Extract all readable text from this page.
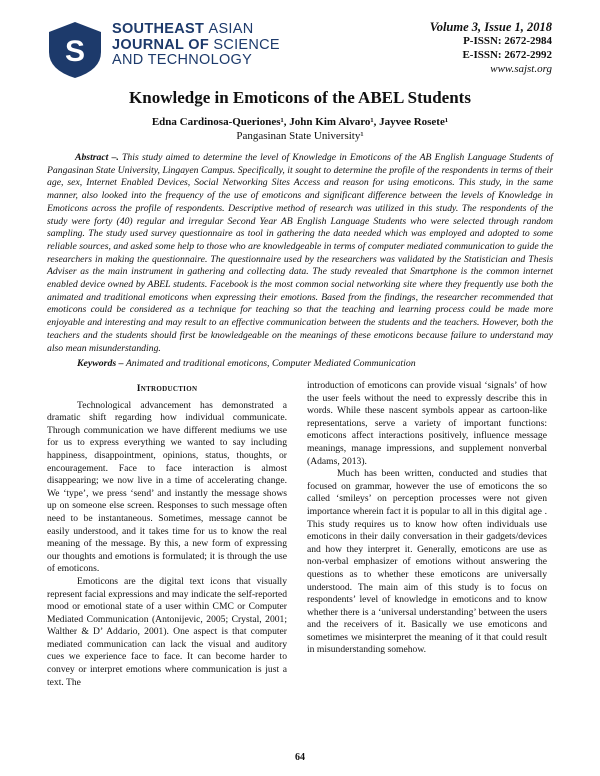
S
SOUTHEAST ASIAN
JOURNAL OF SCIENCE
AND TECHNOLOGY
Volume 3, Issue 1, 2018
P-ISSN: 2672-2984
E-ISSN: 2672-2992
www.sajst.org
Knowledge in Emoticons of the ABEL Students
Edna Cardinosa-Queriones¹, John Kim Alvaro¹, Jayvee Rosete¹
Pangasinan State University¹
Abstract –. This study aimed to determine the level of Knowledge in Emoticons of the AB English Language Students of Pangasinan State University, Lingayen Campus. Specifically, it sought to determine the profile of the respondents in terms of their age, sex, Internet Enabled Devices, Social Networking Sites Access and reason for using emoticons. This study, in the same manner, also looked into the frequency of the use of emoticons and significant difference between the levels of Knowledge in Emoticons across the profile of respondents. Descriptive method of research was utilized in this study. The respondents of the study were forty (40) regular and irregular Second Year AB English Language Students who were selected through random sampling. The study used survey questionnaire as tool in gathering the data needed which was employed and adopted to some reliable sources, and asked some help to those who are knowledgeable in terms of computer mediated communication to guide the researchers in making the questionnaire. The questionnaire used by the researchers was validated by the Statistician and Thesis Adviser as the main instrument in gathering and collecting data. The study revealed that Smartphone is the common internet enabled device owned by ABEL students. Facebook is the most common social networking site where they frequently use both the animated and traditional emoticons when expressing their emotions. Based from the findings, the researcher recommended that emoticons could be considered as a technique for teaching so that the teaching and learning process could be made more enjoyable and interesting and may result to an effective communication between the students and the teachers. However, both the teachers and the students should first be knowledgeable on the meanings of these emoticons because failure to understand may also mean misunderstanding.
Keywords – Animated and traditional emoticons, Computer Mediated Communication
Introduction

Technological advancement has demonstrated a dramatic shift regarding how individual communicate. Through communication we have different mediums we use for us to express everything we wanted to say including happiness, disappointment, opinions, status, thoughts, or encouragement. Face to face interaction is almost disappearing; we now live in a time of accelerating change. We ‘type’, we press ‘send’ and instantly the message shows up on someone else screen. Responses to such message often need to be instantaneous. Sometimes, message cannot be easily understood, and it takes time for us to know the real meaning of the message. By this, a new form of expressing our thoughts and emotions is formulated; it is through the use of emoticons.

Emoticons are the digital text icons that visually represent facial expressions and may indicate the self-reported mood or emotional state of a user within CMC or Computer Mediated Communication (Antonijevic, 2005; Crystal, 2001; Walther & D’ Addario, 2001). One aspect is that computer mediated communication can lack the visual and auditory cues we experience face to face. It can become harder to convey or interpret emotions where communication is just a text. The

introduction of emoticons can provide visual ‘signals’ of how the user feels without the need to expressly describe this in words. While these nascent symbols appear as cartoon-like representations, serve a variety of important functions: emoticons affect interactions positively, influence message meanings, manage impressions, and supplement nonverbal (Adams, 2013).

Much has been written, conducted and studies that focused on grammar, however the use of emoticons the so called ‘smileys’ on perception processes were not given importance wherein fact it is popular to all in this digital age . This study requires us to know how often individuals use emoticons in their daily conversation in their gadgets/devices and how they interpret it. Generally, emoticons are use as non-verbal emphasizer of emotions without answering the questions as to whether these emoticons are universally understood. The main aim of this study is to focus on respondents’ level of knowledge in emoticons and to know whether there is a ‘universal understanding’ between the users and the receivers of it. Basically we use emoticons and sometimes we misinterpret the meaning of it that could result in misunderstanding somehow.

64
